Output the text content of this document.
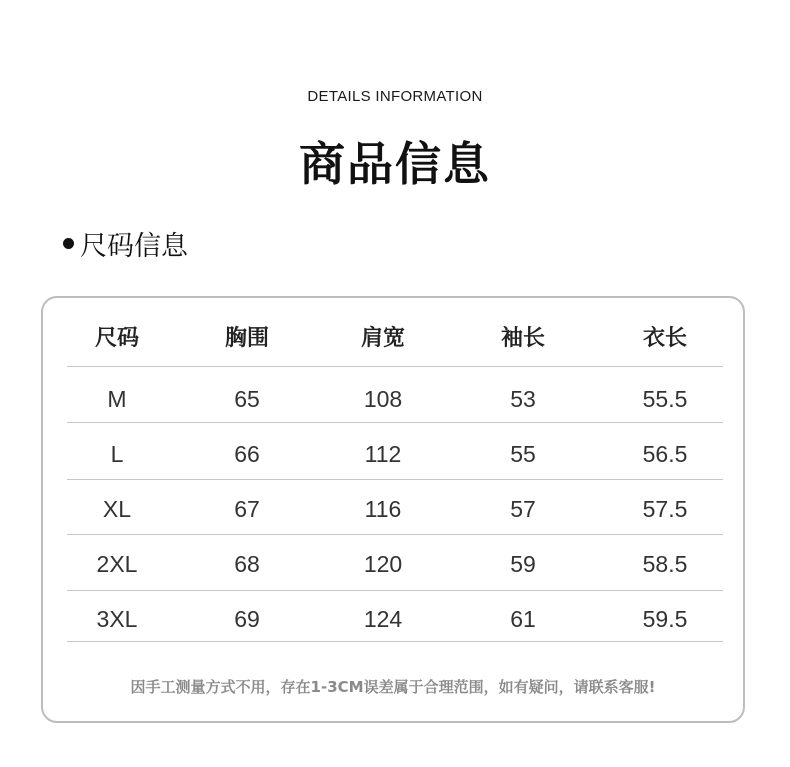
DETAILS INFORMATION
商品信息
尺码信息
尺码	胸围	肩宽	袖长	衣长
M	65	108	53	55.5
L	66	112	55	56.5
XL	67	116	57	57.5
2XL	68	120	59	58.5
3XL	69	124	61	59.5
因手工测量方式不用，存在1-3CM误差属于合理范围，如有疑问，请联系客服!
